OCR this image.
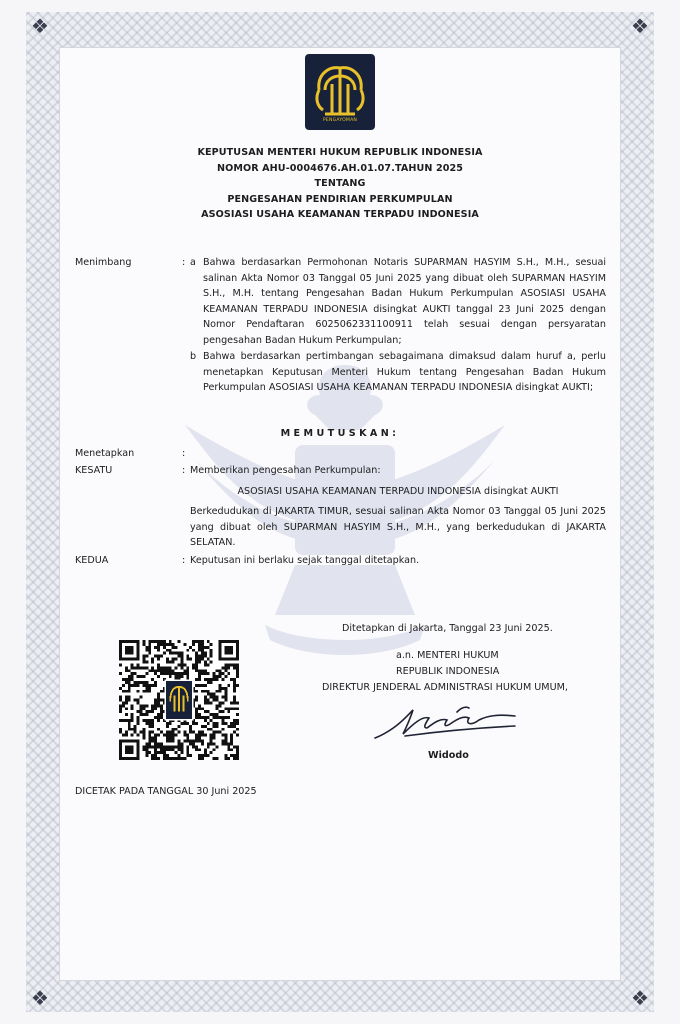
❖	❖
❖	❖
PENGAYOMAN
KEPUTUSAN MENTERI HUKUM REPUBLIK INDONESIA
NOMOR AHU-0004676.AH.01.07.TAHUN 2025
TENTANG
PENGESAHAN PENDIRIAN PERKUMPULAN
ASOSIASI USAHA KEAMANAN TERPADU INDONESIA
Menimbang	: a Bahwa berdasarkan Permohonan Notaris SUPARMAN HASYIM S.H., M.H., sesuai salinan Akta Nomor 03 Tanggal 05 Juni 2025 yang dibuat oleh SUPARMAN HASYIM S.H., M.H. tentang Pengesahan Badan Hukum Perkumpulan ASOSIASI USAHA KEAMANAN TERPADU INDONESIA disingkat AUKTI tanggal 23 Juni 2025 dengan Nomor Pendaftaran 6025062331100911 telah sesuai dengan persyaratan pengesahan Badan Hukum Perkumpulan;
b Bahwa berdasarkan pertimbangan sebagaimana dimaksud dalam huruf a, perlu menetapkan Keputusan Menteri Hukum tentang Pengesahan Badan Hukum Perkumpulan ASOSIASI USAHA KEAMANAN TERPADU INDONESIA disingkat AUKTI;
MEMUTUSKAN:
Menetapkan	:
KESATU	: Memberikan pengesahan Perkumpulan:
ASOSIASI USAHA KEAMANAN TERPADU INDONESIA disingkat AUKTI
Berkedudukan di JAKARTA TIMUR, sesuai salinan Akta Nomor 03 Tanggal 05 Juni 2025 yang dibuat oleh SUPARMAN HASYIM S.H., M.H., yang berkedudukan di JAKARTA SELATAN.
KEDUA	: Keputusan ini berlaku sejak tanggal ditetapkan.
Ditetapkan di Jakarta, Tanggal 23 Juni 2025.
a.n. MENTERI HUKUM
REPUBLIK INDONESIA
DIREKTUR JENDERAL ADMINISTRASI HUKUM UMUM,
Widodo
DICETAK PADA TANGGAL 30 Juni 2025
